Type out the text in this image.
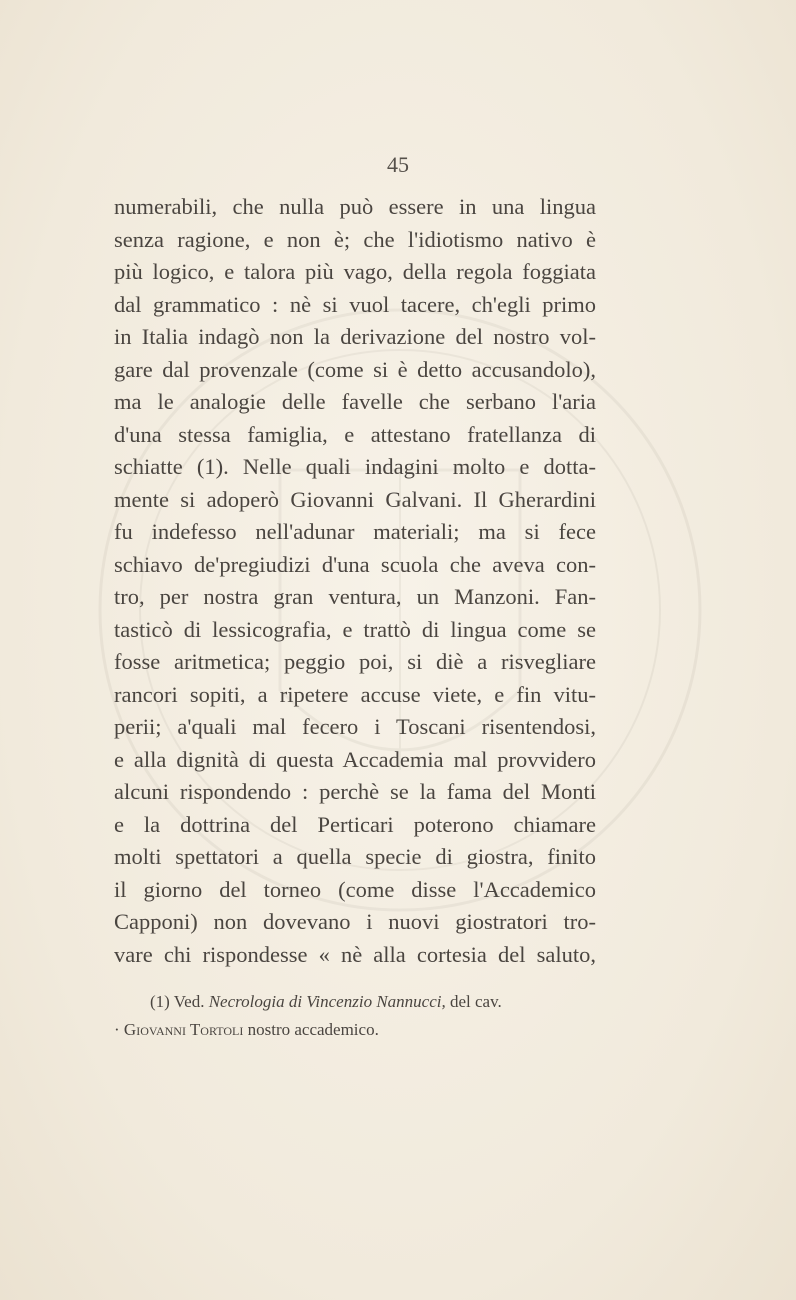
45
numerabili, che nulla può essere in una lingua
senza ragione, e non è; che l'idiotismo nativo è
più logico, e talora più vago, della regola foggiata
dal grammatico : nè si vuol tacere, ch'egli primo
in Italia indagò non la derivazione del nostro vol-
gare dal provenzale (come si è detto accusandolo),
ma le analogie delle favelle che serbano l'aria
d'una stessa famiglia, e attestano fratellanza di
schiatte (1). Nelle quali indagini molto e dotta-
mente si adoperò Giovanni Galvani. Il Gherardini
fu indefesso nell'adunar materiali; ma si fece
schiavo de'pregiudizi d'una scuola che aveva con-
tro, per nostra gran ventura, un Manzoni. Fan-
tasticò di lessicografia, e trattò di lingua come se
fosse aritmetica; peggio poi, si diè a risvegliare
rancori sopiti, a ripetere accuse viete, e fin vitu-
perii; a'quali mal fecero i Toscani risentendosi,
e alla dignità di questa Accademia mal provvidero
alcuni rispondendo : perchè se la fama del Monti
e la dottrina del Perticari poterono chiamare
molti spettatori a quella specie di giostra, finito
il giorno del torneo (come disse l'Accademico
Capponi) non dovevano i nuovi giostratori tro-
vare chi rispondesse « nè alla cortesia del saluto,
(1) Ved. Necrologia di Vincenzio Nannucci, del cav.
· Giovanni Tortoli nostro accademico.
